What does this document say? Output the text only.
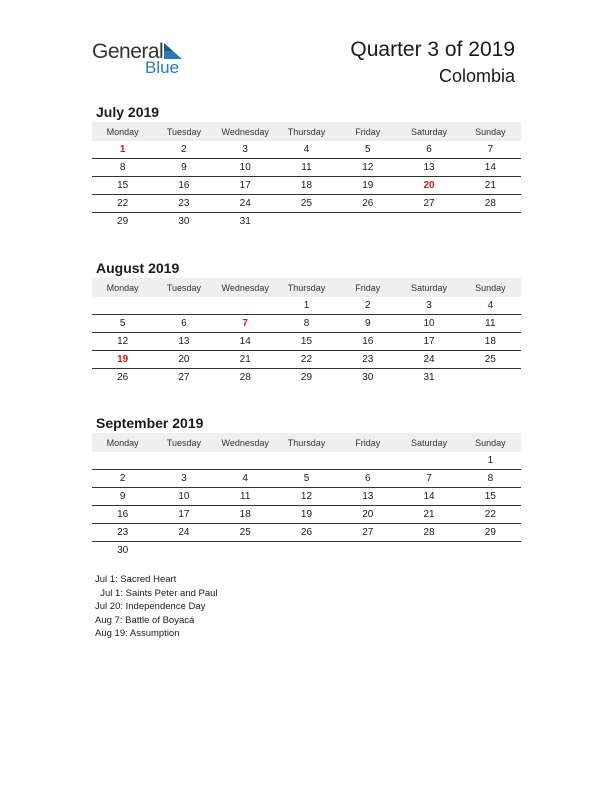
General
Blue
Quarter 3 of 2019
Colombia
July 2019
Monday	Tuesday	Wednesday	Thursday	Friday	Saturday	Sunday
1	2	3	4	5	6	7
8	9	10	11	12	13	14
15	16	17	18	19	20	21
22	23	24	25	26	27	28
29	30	31				
August 2019
Monday	Tuesday	Wednesday	Thursday	Friday	Saturday	Sunday
			1	2	3	4
5	6	7	8	9	10	11
12	13	14	15	16	17	18
19	20	21	22	23	24	25
26	27	28	29	30	31	
September 2019
Monday	Tuesday	Wednesday	Thursday	Friday	Saturday	Sunday
						1
2	3	4	5	6	7	8
9	10	11	12	13	14	15
16	17	18	19	20	21	22
23	24	25	26	27	28	29
30						
Jul 1: Sacred Heart
Jul 1: Saints Peter and Paul
Jul 20: Independence Day
Aug 7: Battle of Boyacá
Aug 19: Assumption
